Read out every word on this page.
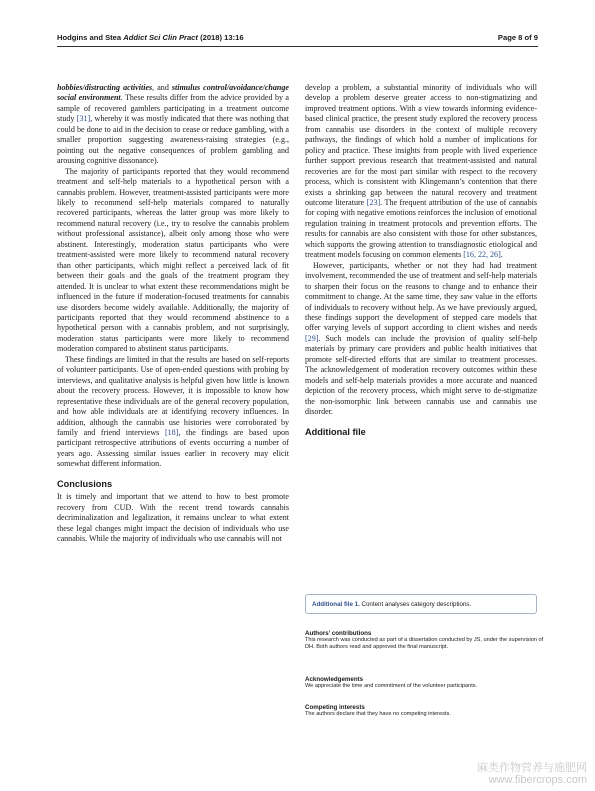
Hodgins and Stea Addict Sci Clin Pract (2018) 13:16	Page 8 of 9

hobbies/distracting activities, and stimulus control/avoidance/change social environment. These results differ from the advice provided by a sample of recovered gamblers participating in a treatment outcome study [31], whereby it was mostly indicated that there was nothing that could be done to aid in the decision to cease or reduce gambling, with a smaller proportion suggesting awareness-raising strategies (e.g., pointing out the negative consequences of problem gambling and arousing cognitive dissonance).

The majority of participants reported that they would recommend treatment and self-help materials to a hypothetical person with a cannabis problem. However, treatment-assisted participants were more likely to recommend self-help materials compared to naturally recovered participants, whereas the latter group was more likely to recommend natural recovery (i.e., try to resolve the cannabis problem without professional assistance), albeit only among those who were abstinent. Interestingly, moderation status participants who were treatment-assisted were more likely to recommend natural recovery than other participants, which might reflect a perceived lack of fit between their goals and the goals of the treatment program they attended. It is unclear to what extent these recommendations might be influenced in the future if moderation-focused treatments for cannabis use disorders become widely available. Additionally, the majority of participants reported that they would recommend abstinence to a hypothetical person with a cannabis problem, and not surprisingly, moderation status participants were more likely to recommend moderation compared to abstinent status participants.

These findings are limited in that the results are based on self-reports of volunteer participants. Use of open-ended questions with probing by interviews, and qualitative analysis is helpful given how little is known about the recovery process. However, it is impossible to know how representative these individuals are of the general recovery population, and how able individuals are at identifying recovery influences. In addition, although the cannabis use histories were corroborated by family and friend interviews [18], the findings are based upon participant retrospective attributions of events occurring a number of years ago. Assessing similar issues earlier in recovery may elicit somewhat different information.

Conclusions

It is timely and important that we attend to how to best promote recovery from CUD. With the recent trend towards cannabis decriminalization and legalization, it remains unclear to what extent these legal changes might impact the decision of individuals who use cannabis. While the majority of individuals who use cannabis will not

develop a problem, a substantial minority of individuals who will develop a problem deserve greater access to non-stigmatizing and improved treatment options. With a view towards informing evidence-based clinical practice, the present study explored the recovery process from cannabis use disorders in the context of multiple recovery pathways, the findings of which hold a number of implications for policy and practice. These insights from people with lived experience further support previous research that treatment-assisted and natural recoveries are for the most part similar with respect to the recovery process, which is consistent with Klingemann’s contention that there exists a shrinking gap between the natural recovery and treatment outcome literature [23]. The frequent attribution of the use of cannabis for coping with negative emotions reinforces the inclusion of emotional regulation training in treatment protocols and prevention efforts. The results for cannabis are also consistent with those for other substances, which supports the growing attention to transdiagnostic etiological and treatment models focusing on common elements [16, 22, 26].

However, participants, whether or not they had had treatment involvement, recommended the use of treatment and self-help materials to sharpen their focus on the reasons to change and to enhance their commitment to change. At the same time, they saw value in the efforts of individuals to recovery without help. As we have previously argued, these findings support the development of stepped care models that offer varying levels of support according to client wishes and needs [29]. Such models can include the provision of quality self-help materials by primary care providers and public health initiatives that promote self-directed efforts that are similar to treatment processes. The acknowledgement of moderation recovery outcomes within these models and self-help materials provides a more accurate and nuanced depiction of the recovery process, which might serve to de-stigmatize the non-isomorphic link between cannabis use and cannabis use disorder.

Additional file
Additional file 1. Content analyses category descriptions.
Authors’ contributions
This research was conducted as part of a dissertation conducted by JS, under the supervision of DH. Both authors read and approved the final manuscript.
Acknowledgements
We appreciate the time and commitment of the volunteer participants.
Competing interests
The authors declare that they have no competing interests.
麻类作物营养与施肥网
www.fibercrops.com
